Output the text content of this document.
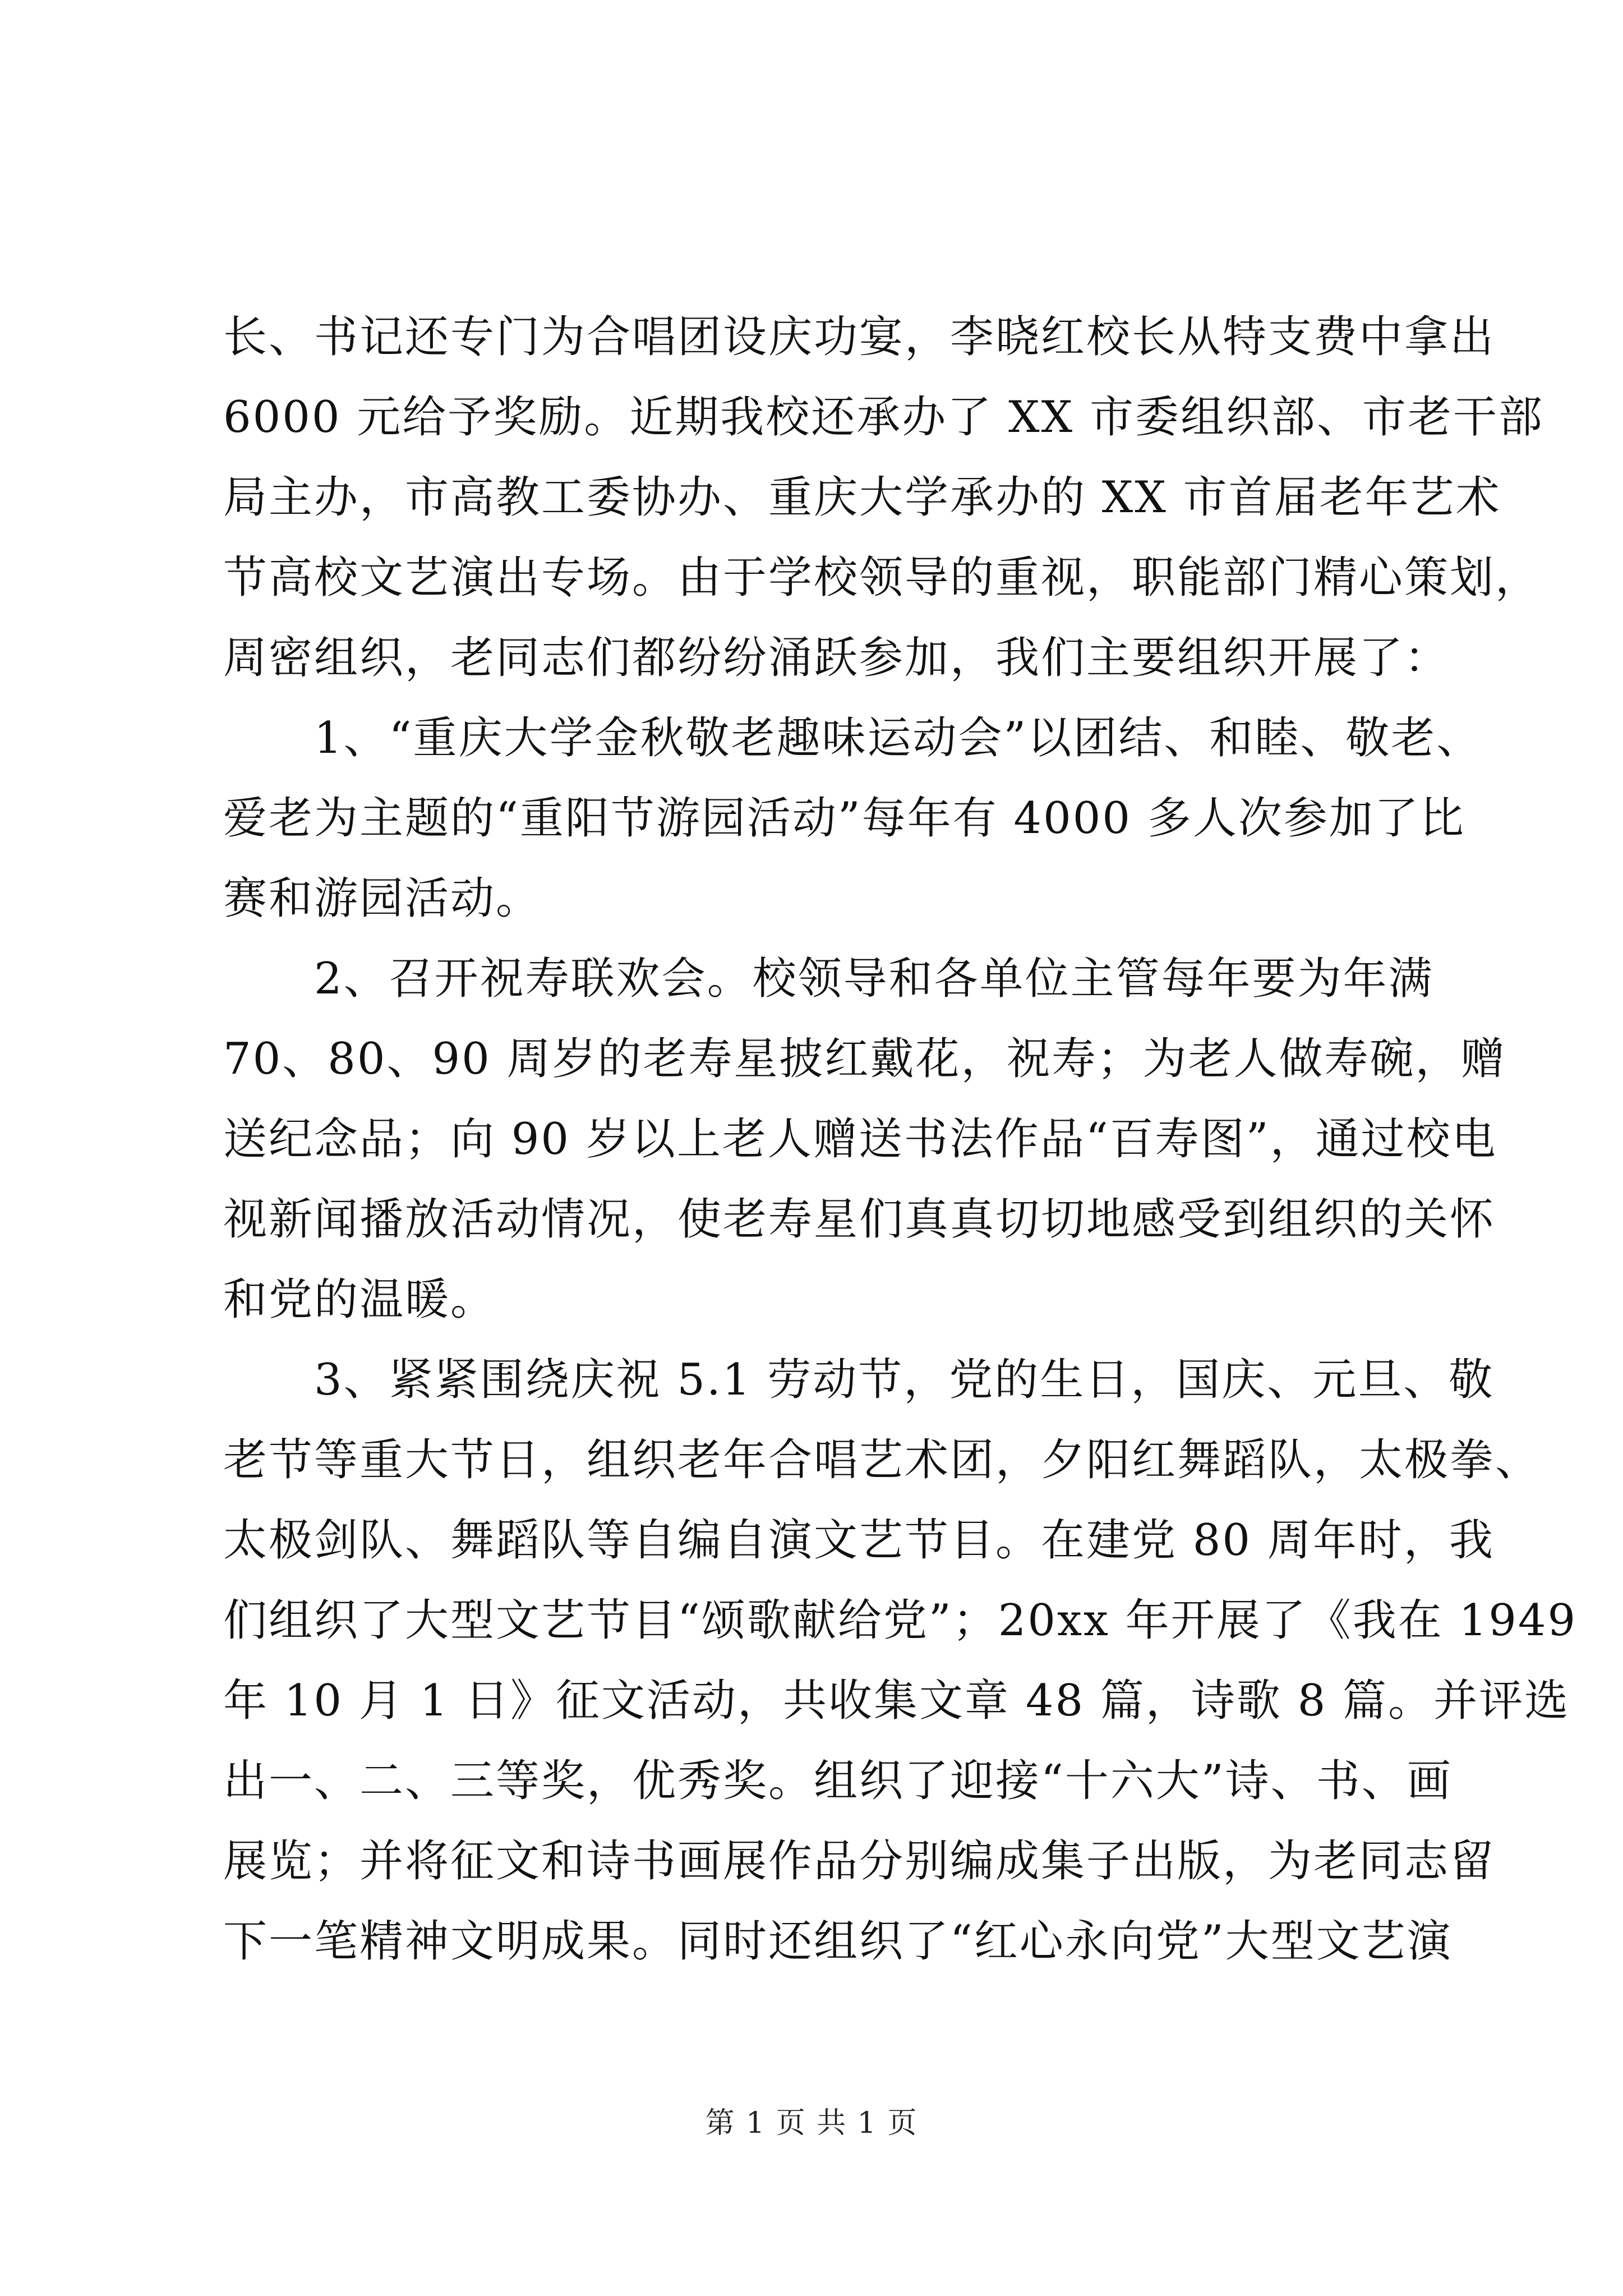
长、书记还专门为合唱团设庆功宴，李晓红校长从特支费中拿出
6000 元给予奖励。近期我校还承办了 XX 市委组织部、市老干部
局主办，市高教工委协办、重庆大学承办的 XX 市首届老年艺术
节高校文艺演出专场。由于学校领导的重视，职能部门精心策划，
周密组织，老同志们都纷纷涌跃参加，我们主要组织开展了：
1、“重庆大学金秋敬老趣味运动会”以团结、和睦、敬老、
爱老为主题的“重阳节游园活动”每年有 4000 多人次参加了比
赛和游园活动。
2、召开祝寿联欢会。校领导和各单位主管每年要为年满
70、80、90 周岁的老寿星披红戴花，祝寿；为老人做寿碗，赠
送纪念品；向 90 岁以上老人赠送书法作品“百寿图”，通过校电
视新闻播放活动情况，使老寿星们真真切切地感受到组织的关怀
和党的温暖。
3、紧紧围绕庆祝 5.1 劳动节，党的生日，国庆、元旦、敬
老节等重大节日，组织老年合唱艺术团，夕阳红舞蹈队，太极拳、
太极剑队、舞蹈队等自编自演文艺节目。在建党 80 周年时，我
们组织了大型文艺节目“颂歌献给党”；20xx 年开展了《我在 1949
年 10 月 1 日》征文活动，共收集文章 48 篇，诗歌 8 篇。并评选
出一、二、三等奖，优秀奖。组织了迎接“十六大”诗、书、画
展览；并将征文和诗书画展作品分别编成集子出版，为老同志留
下一笔精神文明成果。同时还组织了“红心永向党”大型文艺演
第 1 页 共 1 页
